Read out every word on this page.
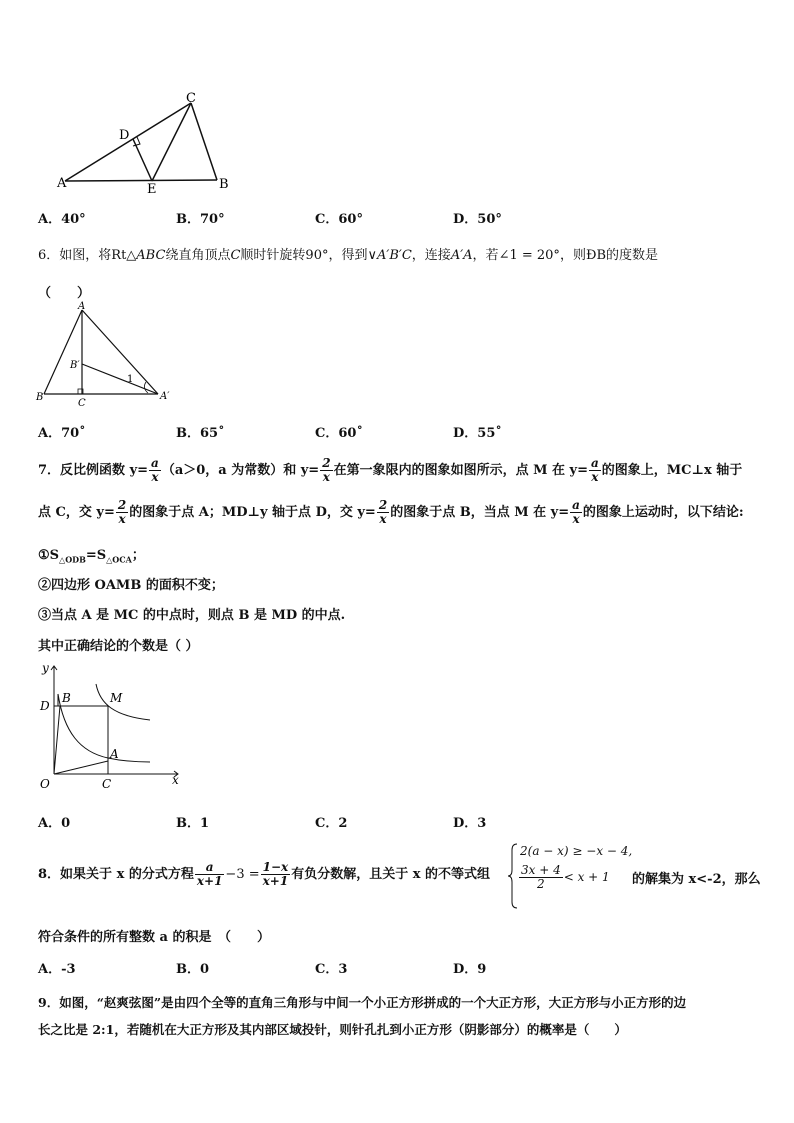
A	B
C
D
E
A．40°	B．70°	C．60°	D．50°
6．如图，将Rt△ABC绕直角顶点C顺时针旋转90°，得到∨A′B′C，连接A′A，若∠1 = 20°，则ÐB的度数是
（　　）
A
B
B′
C
A′
1
A．70˚	B．65˚	C．60˚	D．55˚
7．反比例函数 $y= \frac{a}{x} (a>0$，a 为常数）和 $y= \frac{2}{x}$ 在第一象限内的图象如图所示，点 M 在 $y= \frac{a}{x}$ 的图象上，MC⊥x 轴于
点 C，交 $y= \frac{2}{x}$ 的图象于点 A；MD⊥y 轴于点 D，交 $y= \frac{2}{x}$ 的图象于点 B，当点 M 在 $y= \frac{a}{x}$ 的图象上运动时，以下结论:
$①S_{\triangle ODB}=S_{\triangle OCA}$；
②四边形 OAMB 的面积不变；
③当点 A 是 MC 的中点时，则点 B 是 MD 的中点.
其中正确结论的个数是（ ）
y
x
D
B	M
A
O	C
A．0	B．1	C．2	D．3
8．如果关于 x 的分式方程 $\frac{a}{x+1} -3 = \frac{1-x}{x+1}$ 有负分数解，且关于 x 的不等式组
2(a − x) ≥ −x − 4,
$\frac{3x + 4}{2} < x + 1$ 的解集为 x<-2，那么
符合条件的所有整数 a 的积是　（　　）
A．-3	B．0	C．3	D．9
9．如图，“赵爽弦图”是由四个全等的直角三角形与中间一个小正方形拼成的一个大正方形，大正方形与小正方形的边
长之比是 2:1，若随机在大正方形及其内部区域投针，则针孔扎到小正方形（阴影部分）的概率是（　　）
